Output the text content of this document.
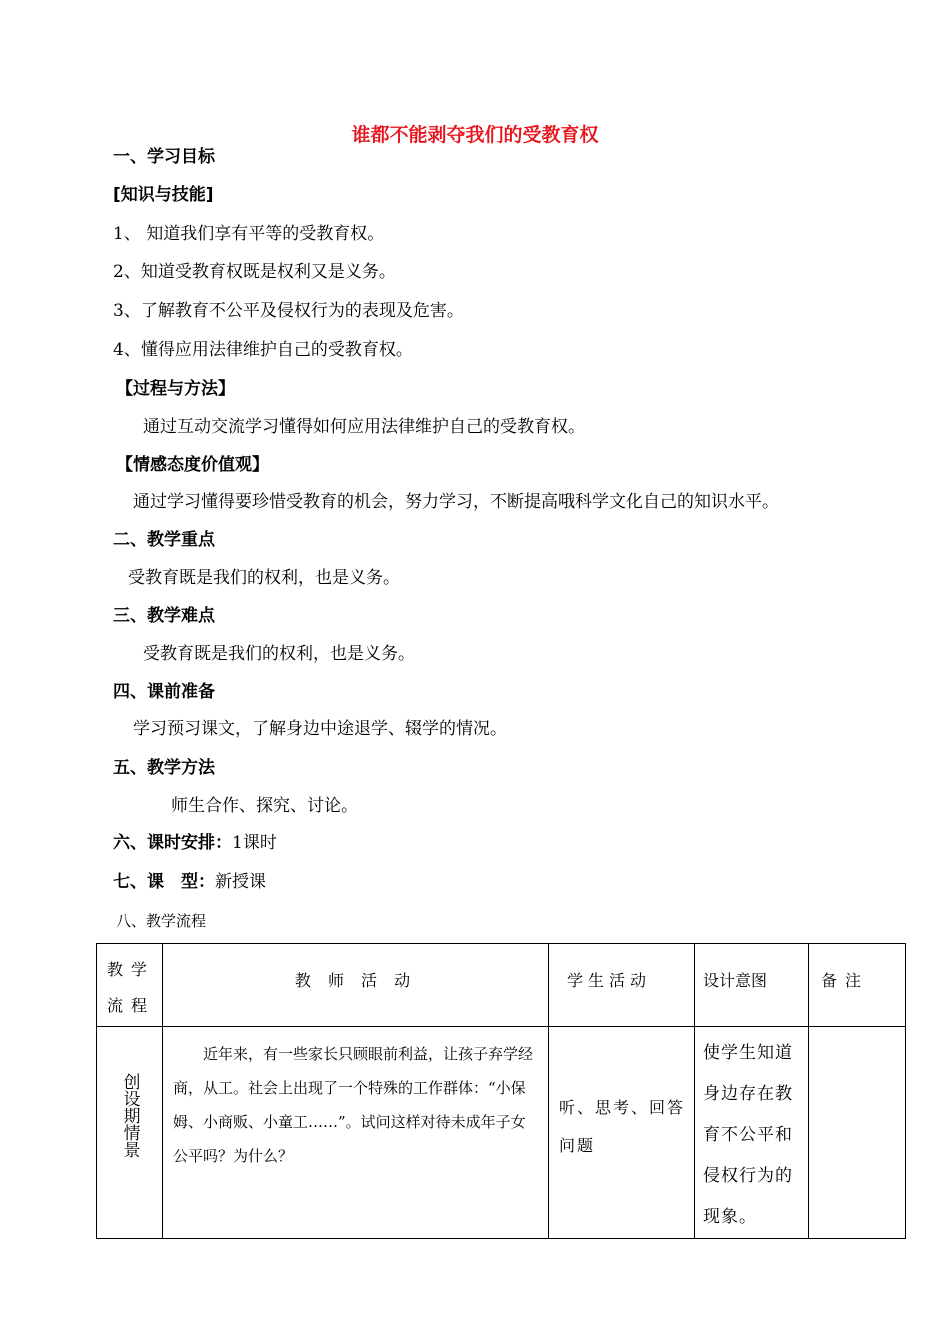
谁都不能剥夺我们的受教育权
一、学习目标
[知识与技能]
1、 知道我们享有平等的受教育权。
2、知道受教育权既是权利又是义务。
3、了解教育不公平及侵权行为的表现及危害。
4、懂得应用法律维护自己的受教育权。
【过程与方法】
通过互动交流学习懂得如何应用法律维护自己的受教育权。
【情感态度价值观】
通过学习懂得要珍惜受教育的机会，努力学习，不断提高哦科学文化自己的知识水平。
二、教学重点
受教育既是我们的权利，也是义务。
三、教学难点
受教育既是我们的权利，也是义务。
四、课前准备
学习预习课文，了解身边中途退学、辍学的情况。
五、教学方法
师生合作、探究、讨论。
六、课时安排：1课时
七、课　型：新授课
八、教学流程
教学流程	教 师 活 动	学生活动	设计意图	备注

创设期情景	近年来，有一些家长只顾眼前利益，让孩子弃学经商，从工。社会上出现了一个特殊的工作群体：“小保姆、小商贩、小童工……”。试问这样对待未成年子女公平吗？为什么？	听、思考、回答问题	使学生知道身边存在教育不公平和侵权行为的现象。	
